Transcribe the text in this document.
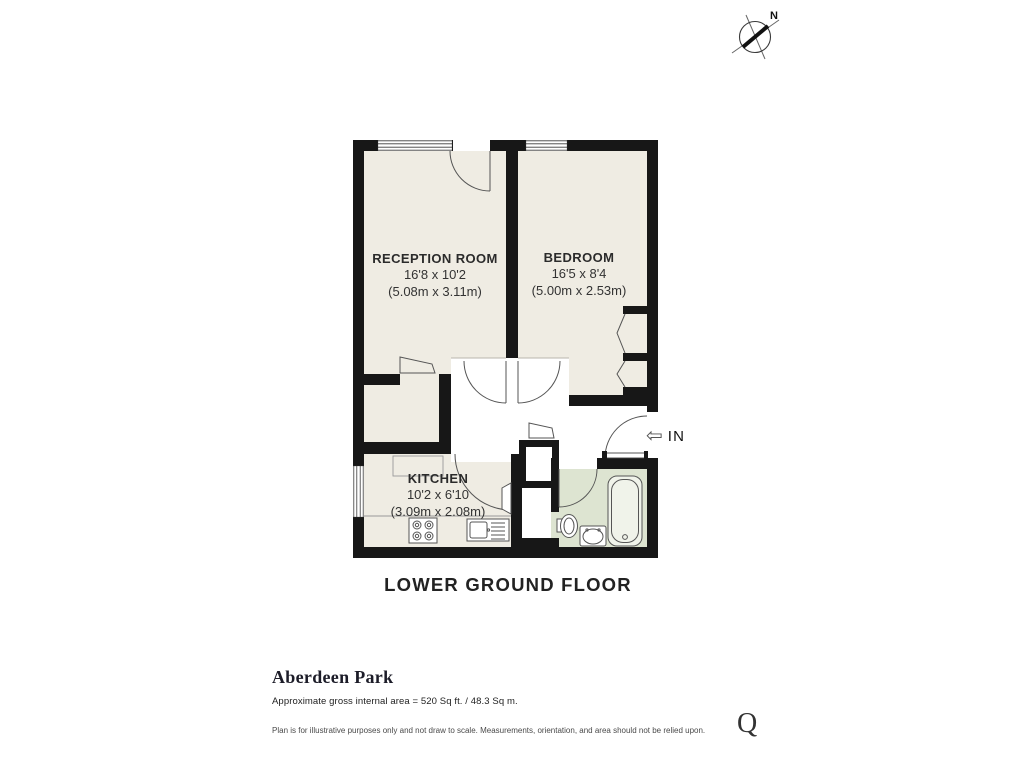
N
RECEPTION ROOM
16'8 x 10'2
(5.08m x 3.11m)
BEDROOM
16'5 x 8'4
(5.00m x 2.53m)
KITCHEN
10'2 x 6'10
(3.09m x 2.08m)
⇦ IN
LOWER GROUND FLOOR
Aberdeen Park
Approximate gross internal area = 520 Sq ft. / 48.3 Sq m.
Plan is for illustrative purposes only and not draw to scale. Measurements, orientation, and area should not be relied upon. Q
